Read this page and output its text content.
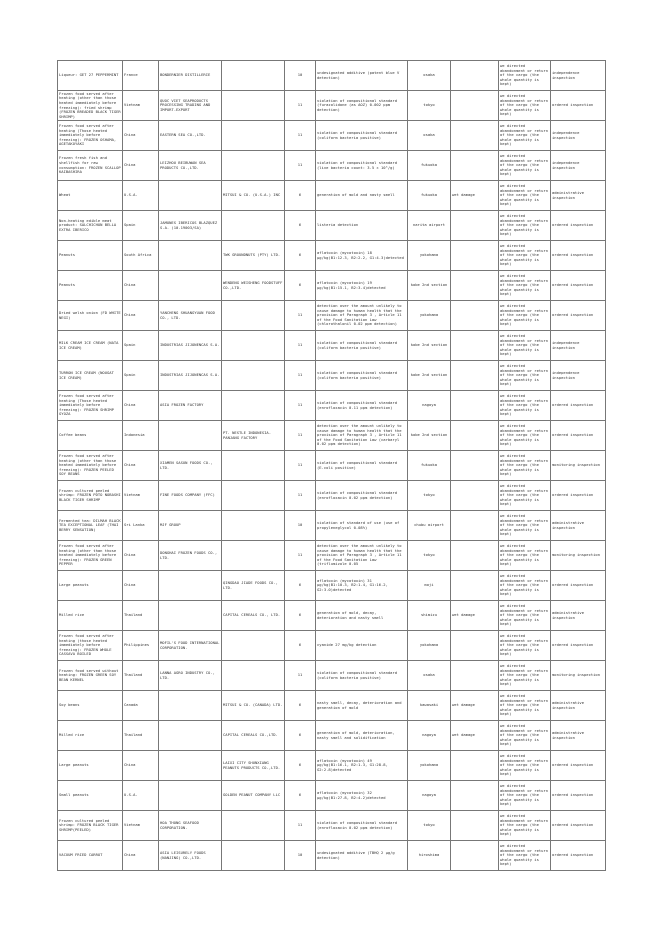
Liqueur: GET 27 PEPPERMINT	France	BONDERNIER DISTILLERIE		10	undesignated additive (patent blue V detection)	osaka		we directed abandonment or return of the cargo (the whole quantity is kept)	independence inspection
Frozen food served after heating (other than those heated immediately before freezing): fried shrimp (FROZEN BREADED BLACK TIGER SHRIMP)	Vietnam	QUOC VIET SEAPRODUCTS PROCESSING TRADING AND IMPORT-EXPORT		11	violation of compositional standard (furazolidone (as AOZ) 0.002 ppm detection)	tokyo		we directed abandonment or return of the cargo (the whole quantity is kept)	ordered inspection
Frozen food served after heating (Those heated immediately before freezing): FROZEN OSHAMA, AGETAKOYAKI	China	EASTERN SEA CO.,LTD.		11	violation of compositional standard (coliform bacteria positive)	osaka		we directed abandonment or return of the cargo (the whole quantity is kept)	independence inspection
Frozen fresh fish and shellfish for raw consumption: FROZEN SCALLOP KAIBASHIRA	China	LEIZHOU BEIBUWAN SEA PRODUCTS CO.,LTD.		11	violation of compositional standard (live bacteria count: 3.5 × 10⁵/g)	fukuoka		we directed abandonment or return of the cargo (the whole quantity is kept)	independence inspection
Wheat	U.S.A.		MITSUI & CO. (U.S.A.) INC	6	generation of mold and nasty smell	fukuoka	wet damage	we directed abandonment or return of the cargo (the whole quantity is kept)	administrative inspection
Non-heating edible meat product: SALCHICHON BELLA EXTRA IBERICO	Spain	JAMONES IBERICOS BLAZQUEZ S.A. (10.19003/SA)		6	listeria detection	narita airport		we directed abandonment or return of the cargo (the whole quantity is kept)	ordered inspection
Peanuts	South Africa		TWK GROUNDNUTS (PTY) LTD.	6	aflatoxin (mycotoxin) 18 μg/kg(B1:12.3, B2:2.2, G1:4.3)detected	yokohama		we directed abandonment or return of the cargo (the whole quantity is kept)	ordered inspection
Peanuts	China		WENDENG WEISHENG FOODSTUFF CO.,LTD.	6	aflatoxin (mycotoxin) 19 μg/kg(B1:15.1, B2:3.4)detected	kobe 2nd section		we directed abandonment or return of the cargo (the whole quantity is kept)	ordered inspection
Dried welsh onion (FD WHITE NEGI)	China	YANCHENG SHUANGYUAN FOOD CO., LTD.		11	detection over the amount unlikely to cause damage to human health that the provision of Paragraph 3 , Article 11 of the Food Sanitation Law (chlorothalonil 0.02 ppm detection)	yokohama		we directed abandonment or return of the cargo (the whole quantity is kept)	ordered inspection
MILK CREAM ICE CREAM (NATA ICE CREAM)	Spain	INDUSTRIAS JIJONENCAS S.A.		11	violation of compositional standard (coliform bacteria positive)	kobe 2nd section		we directed abandonment or return of the cargo (the whole quantity is kept)	independence inspection
TURRON ICE CREAM (NOUGAT ICE CREAM)	Spain	INDUSTRIAS JIJONENCAS S.A.		11	violation of compositional standard (coliform bacteria positive)	kobe 2nd section		we directed abandonment or return of the cargo (the whole quantity is kept)	independence inspection
Frozen food served after heating (Those heated immediately before freezing): FROZEN SHRIMP GYOZA	China	ASIA FROZEN FACTORY		11	violation of compositional standard (enrofloxacin 0.11 ppm detection)	nagoya		we directed abandonment or return of the cargo (the whole quantity is kept)	ordered inspection
Coffee beans	Indonesia		PT. NESTLE INDONESIA-PANJANG FACTORY	11	detection over the amount unlikely to cause damage to human health that the provision of Paragraph 3 , Article 11 of the Food Sanitation Law (carbaryl 0.02 ppm detection)	kobe 2nd section		we directed abandonment or return of the cargo (the whole quantity is kept)	ordered inspection
Frozen food served after heating (other than those heated immediately before freezing): FROZEN PEELED SOY BEANS	China	XIAMEN SASUN FOODS CO., LTD.		11	violation of compositional standard (E.coli positive)	fukuoka		we directed abandonment or return of the cargo (the whole quantity is kept)	monitoring inspection
Frozen cultured peeled shrimp: FROZEN PDTO NOBASHI BLACK TIGER SHRIMP	Vietnam	FINE FOODS COMPANY (FFC)		11	violation of compositional standard (enrofloxacin 0.02 ppm detection)	tokyo		we directed abandonment or return of the cargo (the whole quantity is kept)	ordered inspection
Fermented tea: DILMAH BLACK TEA EXCEPTIONAL LEAF (THAI BERRY SENSATION)	Sri Lanka	MJF GROUP		10	violation of standard of use (use of propyleneglycol 0.08%)	chubu airport		we directed abandonment or return of the cargo (the whole quantity is kept)	administrative inspection
Frozen food served after heating (other than those heated immediately before freezing): FROZEN GREEN PEPPER	China	DONGHAI FROZEN FOODS CO., LTD.		11	detection over the amount unlikely to cause damage to human health that the provision of Paragraph 3 , Article 11 of the Food Sanitation Law (triflumizole 0.05	tokyo		we directed abandonment or return of the cargo (the whole quantity is kept)	monitoring inspection
Large peanuts	China		QINGDAO JIADE FOODS CO., LTD.	6	aflatoxin (mycotoxin) 31 μg/kg(B1:10.3, B2:1.4, G1:16.2, G2:3.0)detected	moji		we directed abandonment or return of the cargo (the whole quantity is kept)	ordered inspection
Milled rice	Thailand		CAPITAL CEREALS CO., LTD.	6	generation of mold, decay, deterioration and nasty smell	shimizu	wet damage	we directed abandonment or return of the cargo (the whole quantity is kept)	administrative inspection
Frozen food served after heating (those heated immediately before freezing): FROZEN WHOLE CASSAVA BOILED	Philippines	MOFIL'S FOOD INTERNATIONAL CORPORATION.		6	cyanide 27 mg/kg detection	yokohama		we directed abandonment or return of the cargo (the whole quantity is kept)	ordered inspection
Frozen food served without heating: FROZEN GREEN SOY BEAN KERNEL	Thailand	LANNA AGRO INDUSTRY CO., LTD.		11	violation of compositional standard (coliform bacteria positive)	osaka		we directed abandonment or return of the cargo (the whole quantity is kept)	monitoring inspection
Soy beans	Canada		MITSUI & CO. (CANADA) LTD.	6	nasty smell, decay, deterioration and generation of mold	kawasaki	wet damage	we directed abandonment or return of the cargo (the whole quantity is kept)	administrative inspection
Milled rice	Thailand		CAPITAL CEREALS CO.,LTD.	6	generation of mold, deterioration, nasty smell and solidification	nagoya	wet damage	we directed abandonment or return of the cargo (the whole quantity is kept)	administrative inspection
Large peanuts	China		LAIXI CITY SHUNXIANG PEANUTS PRODUCTS CO.,LTD.	6	aflatoxin (mycotoxin) 49 μg/kg(B1:16.1, B2:1.3, G1:28.8, G2:2.8)detected	yokohama		we directed abandonment or return of the cargo (the whole quantity is kept)	ordered inspection
Small peanuts	U.S.A.		GOLDEN PEANUT COMPANY LLC	6	aflatoxin (mycotoxin) 32 μg/kg(B1:27.8, B2:4.2)detected	nagoya		we directed abandonment or return of the cargo (the whole quantity is kept)	ordered inspection
Frozen cultured peeled shrimp: FROZEN BLACK TIGER SHRIMP(PEELED)	Vietnam	HOA THONG SEAFOOD CORPORATION.		11	violation of compositional standard (enrofloxacin 0.02 ppm detection)	tokyo		we directed abandonment or return of the cargo (the whole quantity is kept)	ordered inspection
VACUUM FRIED CARROT	China	ASIA LEISURELY FOODS (NANJING) CO.,LTD.		10	undesignated additive (TBHQ 2 μg/g detection)	hiroshima		we directed abandonment or return of the cargo (the whole quantity is kept)	ordered inspection
